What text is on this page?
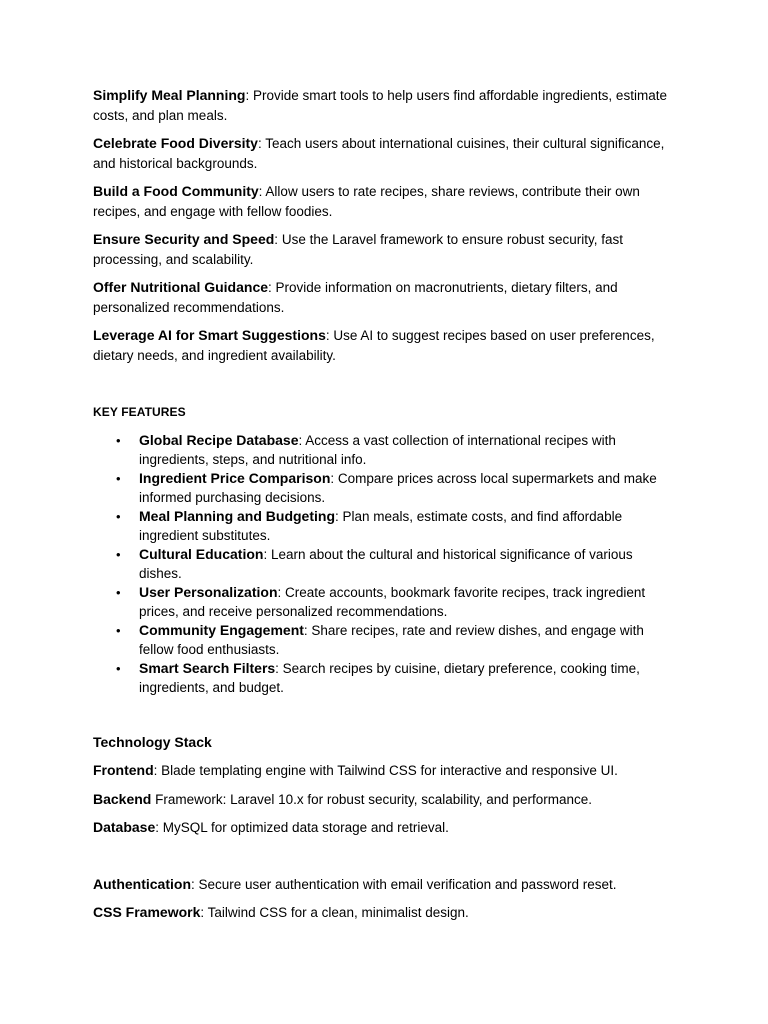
Simplify Meal Planning: Provide smart tools to help users find affordable ingredients, estimate costs, and plan meals.

Celebrate Food Diversity: Teach users about international cuisines, their cultural significance, and historical backgrounds.

Build a Food Community: Allow users to rate recipes, share reviews, contribute their own recipes, and engage with fellow foodies.

Ensure Security and Speed: Use the Laravel framework to ensure robust security, fast processing, and scalability.

Offer Nutritional Guidance: Provide information on macronutrients, dietary filters, and personalized recommendations.

Leverage AI for Smart Suggestions: Use AI to suggest recipes based on user preferences, dietary needs, and ingredient availability.

KEY FEATURES
• Global Recipe Database: Access a vast collection of international recipes with ingredients, steps, and nutritional info.
• Ingredient Price Comparison: Compare prices across local supermarkets and make informed purchasing decisions.
• Meal Planning and Budgeting: Plan meals, estimate costs, and find affordable ingredient substitutes.
• Cultural Education: Learn about the cultural and historical significance of various dishes.
• User Personalization: Create accounts, bookmark favorite recipes, track ingredient prices, and receive personalized recommendations.
• Community Engagement: Share recipes, rate and review dishes, and engage with fellow food enthusiasts.
• Smart Search Filters: Search recipes by cuisine, dietary preference, cooking time, ingredients, and budget.
Technology Stack

Frontend: Blade templating engine with Tailwind CSS for interactive and responsive UI.

Backend Framework: Laravel 10.x for robust security, scalability, and performance.

Database: MySQL for optimized data storage and retrieval.

Authentication: Secure user authentication with email verification and password reset.

CSS Framework: Tailwind CSS for a clean, minimalist design.
